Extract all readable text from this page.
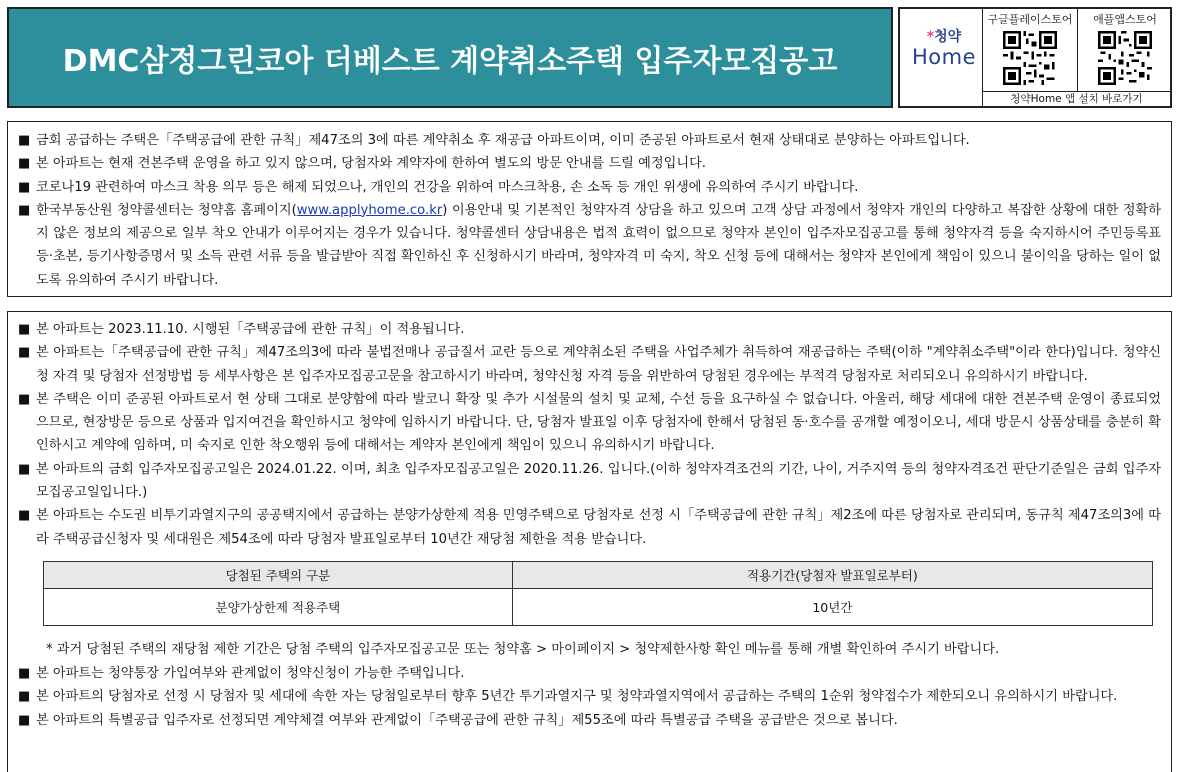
DMC삼정그린코아 더베스트 계약취소주택 입주자모집공고
*청약
Home
구글플레이스토어	애플앱스토어
청약Home 앱 설치 바로가기
■ 금회 공급하는 주택은「주택공급에 관한 규칙」제47조의 3에 따른 계약취소 후 재공급 아파트이며, 이미 준공된 아파트로서 현재 상태대로 분양하는 아파트입니다.
■ 본 아파트는 현재 견본주택 운영을 하고 있지 않으며, 당첨자와 계약자에 한하여 별도의 방문 안내를 드릴 예정입니다.
■ 코로나19 관련하여 마스크 착용 의무 등은 해제 되었으나, 개인의 건강을 위하여 마스크착용, 손 소독 등 개인 위생에 유의하여 주시기 바랍니다.
■ 한국부동산원 청약콜센터는 청약홈 홈페이지(www.applyhome.co.kr) 이용안내 및 기본적인 청약자격 상담을 하고 있으며 고객 상담 과정에서 청약자 개인의 다양하고 복잡한 상황에 대한 정확하지 않은 정보의 제공으로 일부 착오 안내가 이루어지는 경우가 있습니다. 청약콜센터 상담내용은 법적 효력이 없으므로 청약자 본인이 입주자모집공고를 통해 청약자격 등을 숙지하시어 주민등록표 등·초본, 등기사항증명서 및 소득 관련 서류 등을 발급받아 직접 확인하신 후 신청하시기 바라며, 청약자격 미 숙지, 착오 신청 등에 대해서는 청약자 본인에게 책임이 있으니 불이익을 당하는 일이 없도록 유의하여 주시기 바랍니다.
■ 본 아파트는 2023.11.10. 시행된「주택공급에 관한 규칙」이 적용됩니다.
■ 본 아파트는「주택공급에 관한 규칙」제47조의3에 따라 불법전매나 공급질서 교란 등으로 계약취소된 주택을 사업주체가 취득하여 재공급하는 주택(이하 "계약취소주택"이라 한다)입니다. 청약신청 자격 및 당첨자 선정방법 등 세부사항은 본 입주자모집공고문을 참고하시기 바라며, 청약신청 자격 등을 위반하여 당첨된 경우에는 부적격 당첨자로 처리되오니 유의하시기 바랍니다.
■ 본 주택은 이미 준공된 아파트로서 현 상태 그대로 분양함에 따라 발코니 확장 및 추가 시설물의 설치 및 교체, 수선 등을 요구하실 수 없습니다. 아울러, 해당 세대에 대한 견본주택 운영이 종료되었으므로, 현장방문 등으로 상품과 입지여건을 확인하시고 청약에 임하시기 바랍니다. 단, 당첨자 발표일 이후 당첨자에 한해서 당첨된 동·호수를 공개할 예정이오니, 세대 방문시 상품상태를 충분히 확인하시고 계약에 임하며, 미 숙지로 인한 착오행위 등에 대해서는 계약자 본인에게 책임이 있으니 유의하시기 바랍니다.
■ 본 아파트의 금회 입주자모집공고일은 2024.01.22. 이며, 최초 입주자모집공고일은 2020.11.26. 입니다.(이하 청약자격조건의 기간, 나이, 거주지역 등의 청약자격조건 판단기준일은 금회 입주자모집공고일입니다.)
■ 본 아파트는 수도권 비투기과열지구의 공공택지에서 공급하는 분양가상한제 적용 민영주택으로 당첨자로 선정 시「주택공급에 관한 규칙」제2조에 따른 당첨자로 관리되며, 동규칙 제47조의3에 따라 주택공급신청자 및 세대원은 제54조에 따라 당첨자 발표일로부터 10년간 재당첨 제한을 적용 받습니다.
당첨된 주택의 구분	적용기간(당첨자 발표일로부터)
분양가상한제 적용주택	10년간
* 과거 당첨된 주택의 재당첨 제한 기간은 당첨 주택의 입주자모집공고문 또는 청약홈 > 마이페이지 > 청약제한사항 확인 메뉴를 통해 개별 확인하여 주시기 바랍니다.
■ 본 아파트는 청약통장 가입여부와 관계없이 청약신청이 가능한 주택입니다.
■ 본 아파트의 당첨자로 선정 시 당첨자 및 세대에 속한 자는 당첨일로부터 향후 5년간 투기과열지구 및 청약과열지역에서 공급하는 주택의 1순위 청약접수가 제한되오니 유의하시기 바랍니다.
■ 본 아파트의 특별공급 입주자로 선정되면 계약체결 여부와 관계없이「주택공급에 관한 규칙」제55조에 따라 특별공급 주택을 공급받은 것으로 봅니다.
